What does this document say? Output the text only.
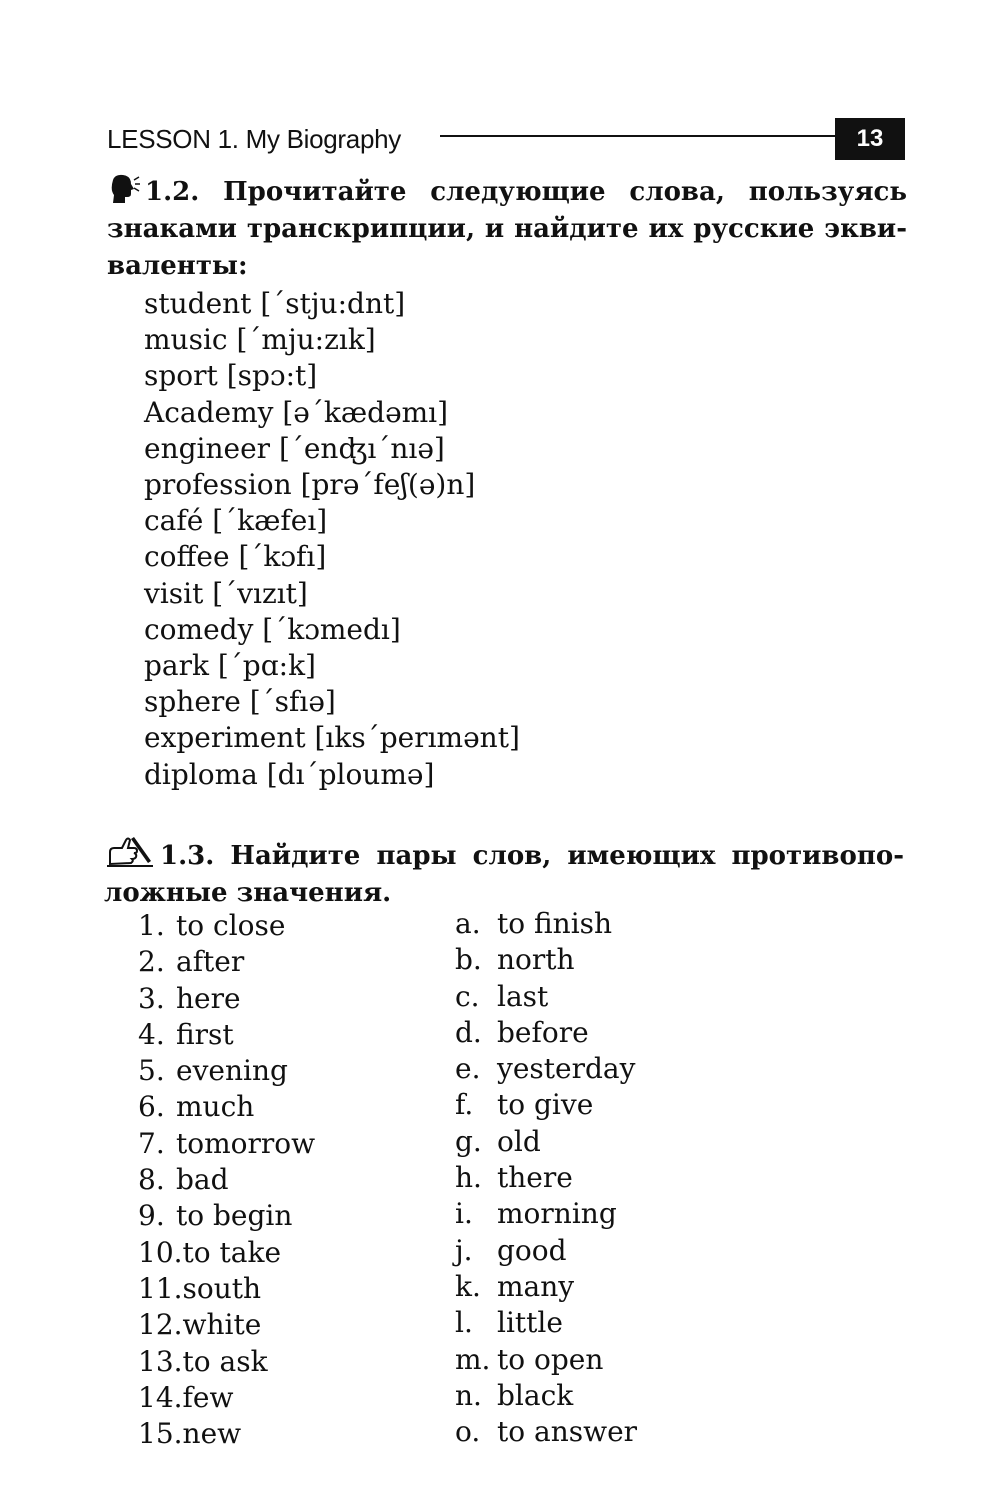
LESSON 1. My Biography	13
1.2. Прочитайте следующие слова, пользуясь
знаками транскрипции, и найдите их русские экви-
валенты:
student [΄stju:dnt]
music [΄mju:zık]
sport [spɔ:t]
Academy [ə΄kædəmı]
engineer [΄enʤı΄nıə]
profession [prə΄feʃ(ə)n]
café [΄kæfeı]
coffee [΄kɔfı]
visit [΄vızıt]
comedy [΄kɔmedı]
park [΄pɑ:k]
sphere [΄sfıə]
experiment [ıks΄perımənt]
diploma [dı΄ploumə]
1.3. Найдите пары слов, имеющих противопо-
ложные значения.
1. to close
2. after
3. here
4. first
5. evening
6. much
7. tomorrow
8. bad
9. to begin
10.to take
11.south
12.white
13.to ask
14.few
15.new
a. to finish
b. north
c. last
d. before
e. yesterday
f. to give
g. old
h. there
i. morning
j. good
k. many
l. little
m. to open
n. black
o. to answer
